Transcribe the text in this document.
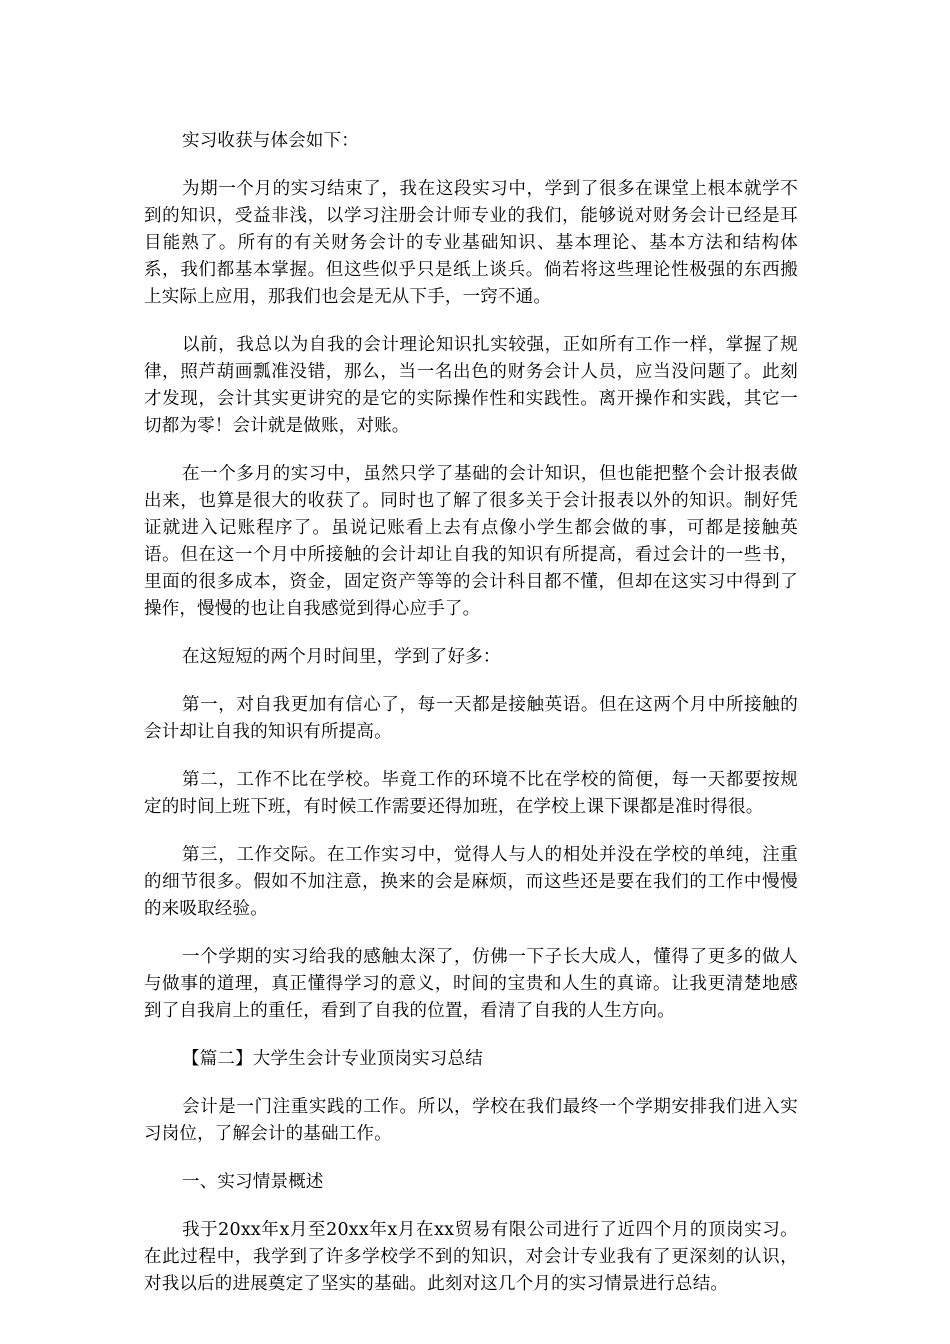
实习收获与体会如下：

为期一个月的实习结束了，我在这段实习中，学到了很多在课堂上根本就学不到的知识，受益非浅，以学习注册会计师专业的我们，能够说对财务会计已经是耳目能熟了。所有的有关财务会计的专业基础知识、基本理论、基本方法和结构体系，我们都基本掌握。但这些似乎只是纸上谈兵。倘若将这些理论性极强的东西搬上实际上应用，那我们也会是无从下手，一窍不通。

以前，我总以为自我的会计理论知识扎实较强，正如所有工作一样，掌握了规律，照芦葫画瓢准没错，那么，当一名出色的财务会计人员，应当没问题了。此刻才发现，会计其实更讲究的是它的实际操作性和实践性。离开操作和实践，其它一切都为零！会计就是做账，对账。

在一个多月的实习中，虽然只学了基础的会计知识，但也能把整个会计报表做出来，也算是很大的收获了。同时也了解了很多关于会计报表以外的知识。制好凭证就进入记账程序了。虽说记账看上去有点像小学生都会做的事，可都是接触英语。但在这一个月中所接触的会计却让自我的知识有所提高，看过会计的一些书，里面的很多成本，资金，固定资产等等的会计科目都不懂，但却在这实习中得到了操作，慢慢的也让自我感觉到得心应手了。

在这短短的两个月时间里，学到了好多：

第一，对自我更加有信心了，每一天都是接触英语。但在这两个月中所接触的会计却让自我的知识有所提高。

第二，工作不比在学校。毕竟工作的环境不比在学校的简便，每一天都要按规定的时间上班下班，有时候工作需要还得加班，在学校上课下课都是准时得很。

第三，工作交际。在工作实习中，觉得人与人的相处并没在学校的单纯，注重的细节很多。假如不加注意，换来的会是麻烦，而这些还是要在我们的工作中慢慢的来吸取经验。

一个学期的实习给我的感触太深了，仿佛一下子长大成人，懂得了更多的做人与做事的道理，真正懂得学习的意义，时间的宝贵和人生的真谛。让我更清楚地感到了自我肩上的重任，看到了自我的位置，看清了自我的人生方向。

【篇二】大学生会计专业顶岗实习总结

会计是一门注重实践的工作。所以，学校在我们最终一个学期安排我们进入实习岗位，了解会计的基础工作。

一、实习情景概述

我于20xx年x月至20xx年x月在xx贸易有限公司进行了近四个月的顶岗实习。在此过程中，我学到了许多学校学不到的知识，对会计专业我有了更深刻的认识，对我以后的进展奠定了坚实的基础。此刻对这几个月的实习情景进行总结。
